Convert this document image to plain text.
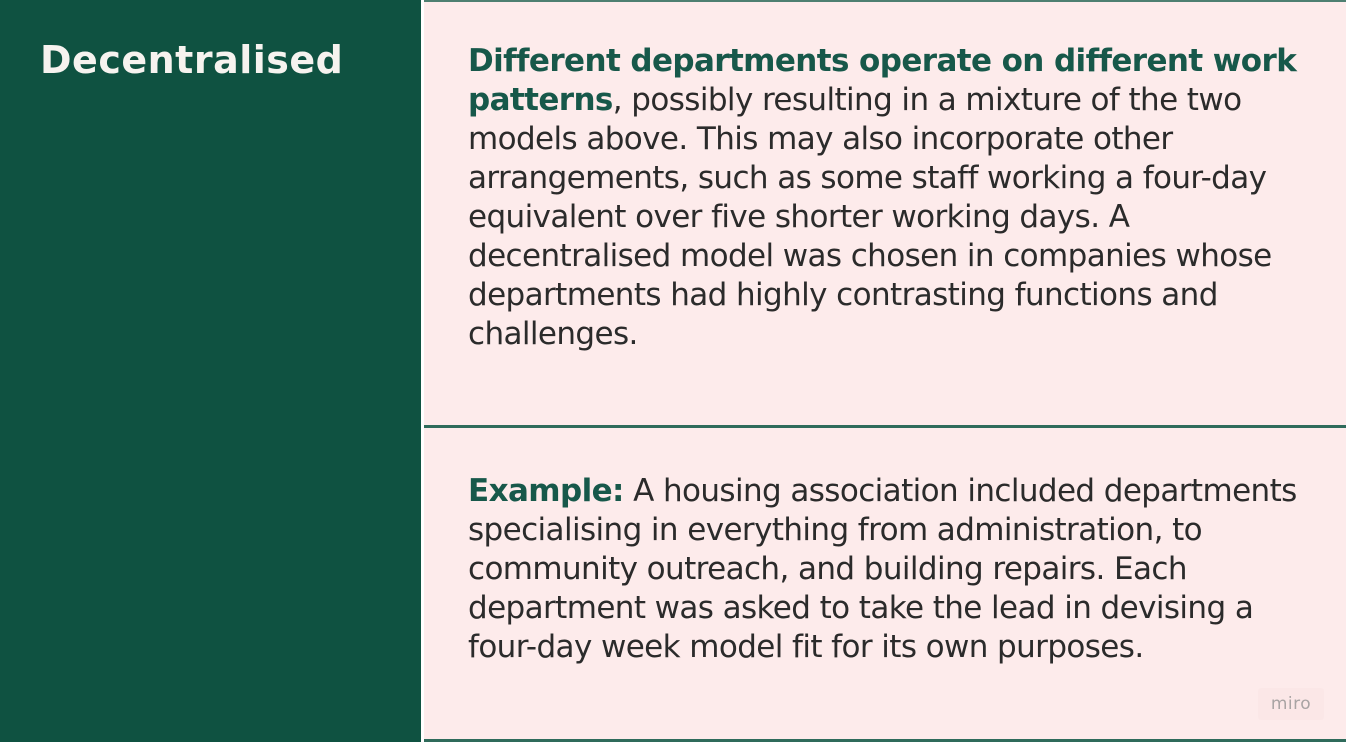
Decentralised	Different departments operate on different work patterns, possibly resulting in a mixture of the two models above. This may also incorporate other arrangements, such as some staff working a four-day equivalent over five shorter working days. A decentralised model was chosen in companies whose departments had highly contrasting functions and challenges.

Example: A housing association included departments specialising in everything from administration, to community outreach, and building repairs. Each department was asked to take the lead in devising a four-day week model fit for its own purposes.

miro
